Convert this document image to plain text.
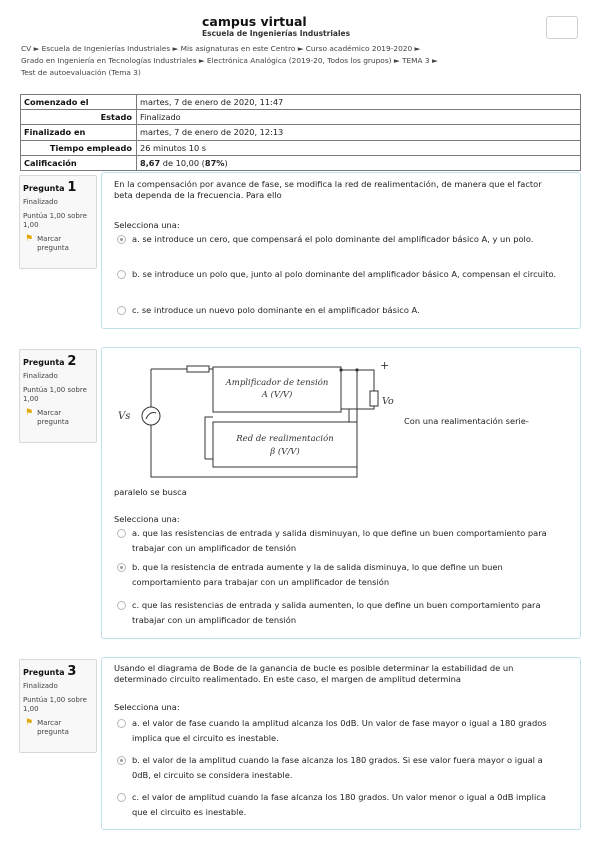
campus virtual
Escuela de Ingenierías Industriales
CV ► Escuela de Ingenierías Industriales ► Mis asignaturas en este Centro ► Curso académico 2019-2020 ►
Grado en Ingeniería en Tecnologías Industriales ► Electrónica Analógica (2019-20, Todos los grupos) ► TEMA 3 ►
Test de autoevaluación (Tema 3)
Comenzado el	martes, 7 de enero de 2020, 11:47
Estado	Finalizado
Finalizado en	martes, 7 de enero de 2020, 12:13
Tiempo empleado	26 minutos 10 s
Calificación	8,67 de 10,00 (87%)
Pregunta 1
Finalizado
Puntúa 1,00 sobre 1,00
⚑ Marcar pregunta
En la compensación por avance de fase, se modifica la red de realimentación, de manera que el factor beta dependa de la frecuencia. Para ello
Selecciona una:
a. se introduce un cero, que compensará el polo dominante del amplificador básico A, y un polo.
b. se introduce un polo que, junto al polo dominante del amplificador básico A, compensan el circuito.
c. se introduce un nuevo polo dominante en el amplificador básico A.
Pregunta 2
Finalizado
Puntúa 1,00 sobre 1,00
⚑ Marcar pregunta
Amplificador de tensión
A (V/V)
Red de realimentación
β (V/V)
Vs
+
Vo
Con una realimentación serie-
paralelo se busca
Selecciona una:
a. que las resistencias de entrada y salida disminuyan, lo que define un buen comportamiento para trabajar con un amplificador de tensión
b. que la resistencia de entrada aumente y la de salida disminuya, lo que define un buen comportamiento para trabajar con un amplificador de tensión
c. que las resistencias de entrada y salida aumenten, lo que define un buen comportamiento para trabajar con un amplificador de tensión
Pregunta 3
Finalizado
Puntúa 1,00 sobre 1,00
⚑ Marcar pregunta
Usando el diagrama de Bode de la ganancia de bucle es posible determinar la estabilidad de un determinado circuito realimentado. En este caso, el margen de amplitud determina
Selecciona una:
a. el valor de fase cuando la amplitud alcanza los 0dB. Un valor de fase mayor o igual a 180 grados implica que el circuito es inestable.
b. el valor de la amplitud cuando la fase alcanza los 180 grados. Si ese valor fuera mayor o igual a 0dB, el circuito se considera inestable.
c. el valor de amplitud cuando la fase alcanza los 180 grados. Un valor menor o igual a 0dB implica que el circuito es inestable.
